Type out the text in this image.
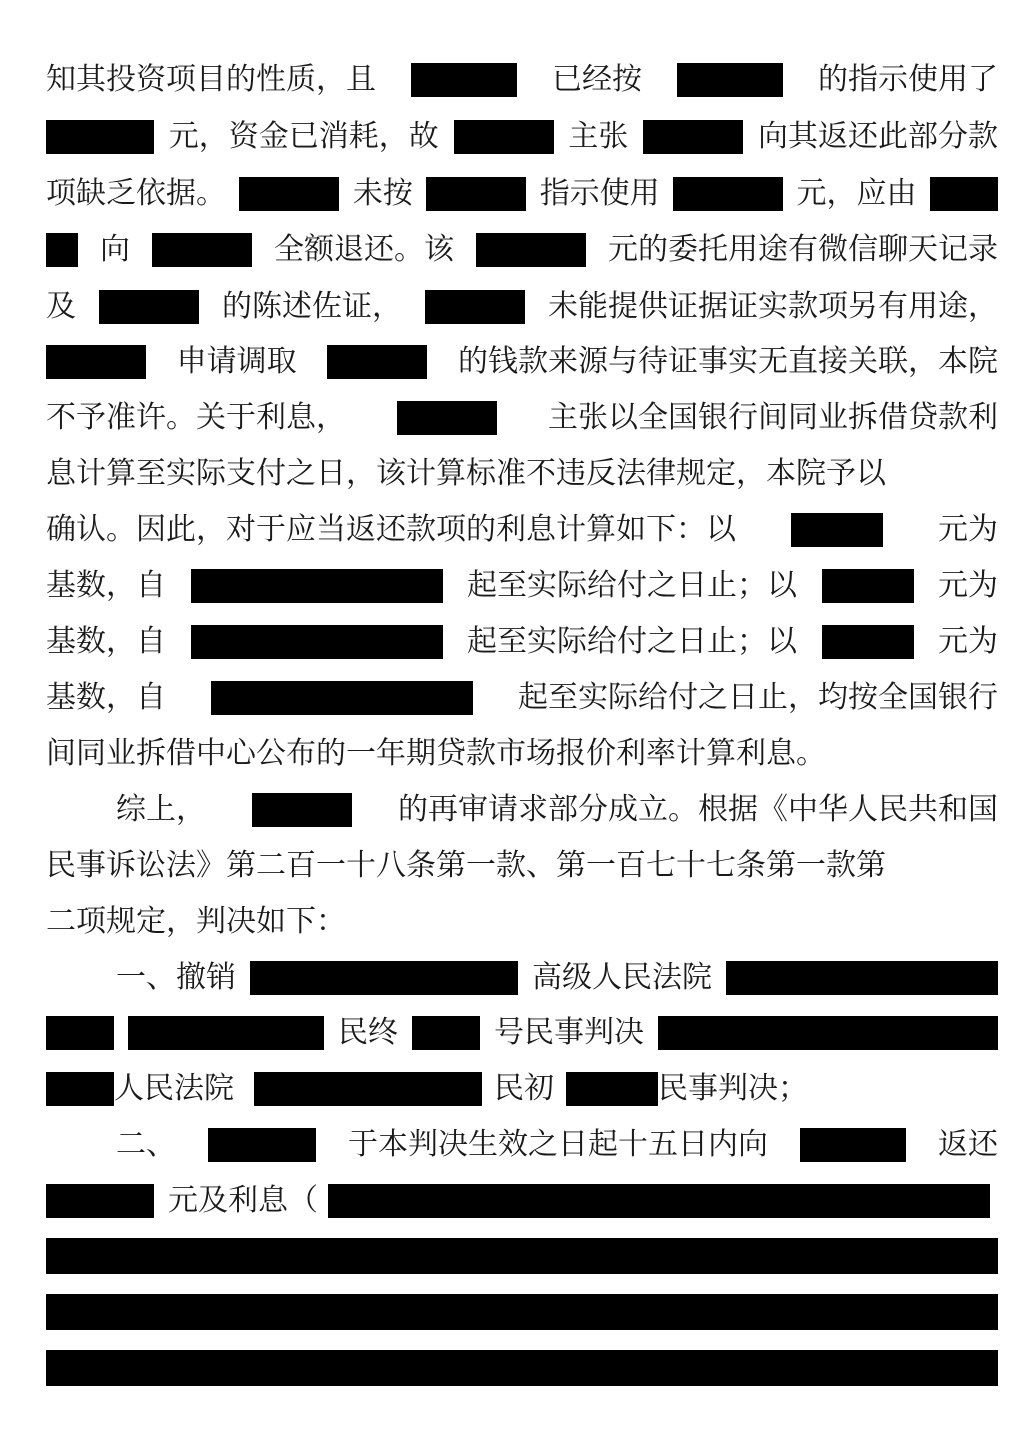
知其投资项目的性质，且	已经按	的指示使用了
元，资金已消耗，故	主张	向其返还此部分款
项缺乏依据。	未按	指示使用	元，应由
向	全额退还。该	元的委托用途有微信聊天记录
及	的陈述佐证，	未能提供证据证实款项另有用途，
申请调取	的钱款来源与待证事实无直接关联，本院
不予准许。关于利息，	主张以全国银行间同业拆借贷款利
息计算至实际支付之日，该计算标准不违反法律规定，本院予以
确认。因此，对于应当返还款项的利息计算如下：以	元为
基数，自	起至实际给付之日止；以	元为
基数，自	起至实际给付之日止；以	元为
基数，自	起至实际给付之日止，均按全国银行
间同业拆借中心公布的一年期贷款市场报价利率计算利息。
综上，	的再审请求部分成立。根据《中华人民共和国
民事诉讼法》第二百一十八条第一款、第一百七十七条第一款第
二项规定，判决如下：
一、撤销	高级人民法院
民终	号民事判决
人民法院	民初	民事判决；
二、	于本判决生效之日起十五日内向	返还
元及利息（
